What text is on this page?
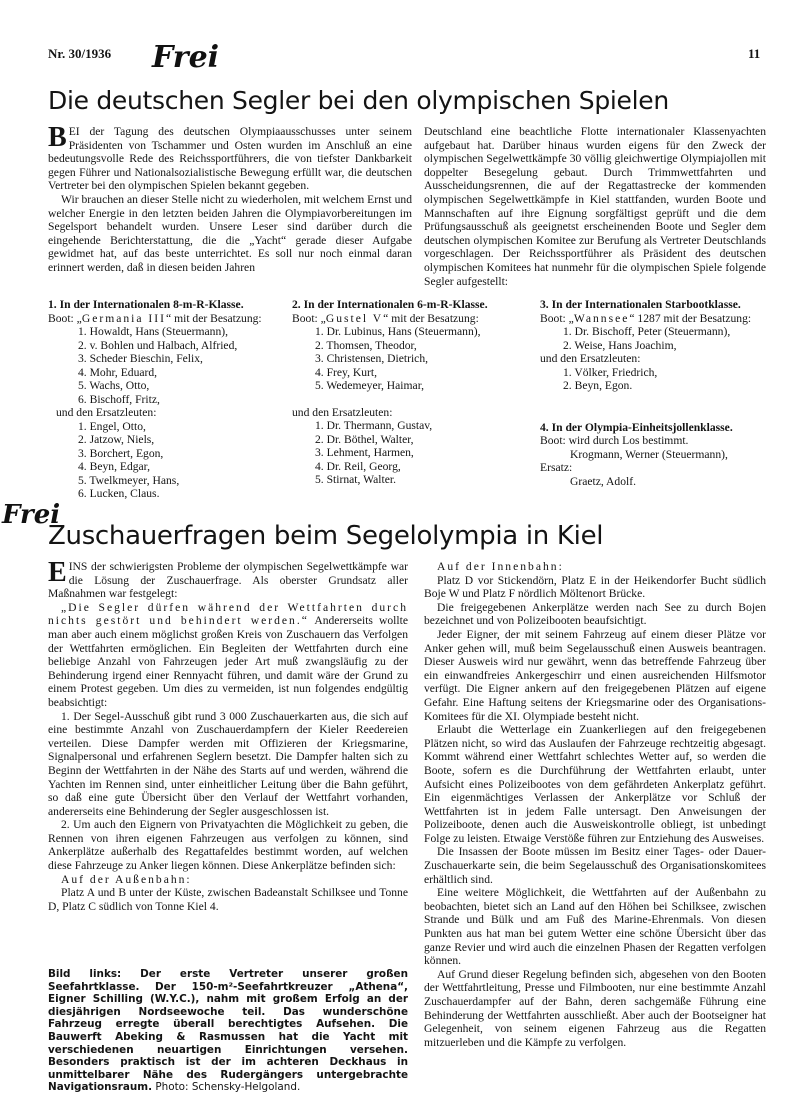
Nr. 30/1936	11
Frei
Frei
Die deutschen Segler bei den olympischen Spielen

BEI der Tagung des deutschen Olympiaausschusses unter seinem Präsidenten von Tschammer und Osten wurden im Anschluß an eine bedeutungsvolle Rede des Reichssportführers, die von tiefster Dankbarkeit gegen Führer und Nationalsozialistische Bewegung erfüllt war, die deutschen Vertreter bei den olympischen Spielen bekannt gegeben.

Wir brauchen an dieser Stelle nicht zu wiederholen, mit welchem Ernst und welcher Energie in den letzten beiden Jahren die Olympiavorbereitungen im Segelsport behandelt wurden. Unsere Leser sind darüber durch die eingehende Berichterstattung, die die „Yacht“ gerade dieser Aufgabe gewidmet hat, auf das beste unterrichtet. Es soll nur noch einmal daran erinnert werden, daß in diesen beiden Jahren

Deutschland eine beachtliche Flotte internationaler Klassenyachten aufgebaut hat. Darüber hinaus wurden eigens für den Zweck der olympischen Segelwettkämpfe 30 völlig gleichwertige Olympiajollen mit doppelter Besegelung gebaut. Durch Trimmwettfahrten und Ausscheidungsrennen, die auf der Regattastrecke der kommenden olympischen Segelwettkämpfe in Kiel stattfanden, wurden Boote und Mannschaften auf ihre Eignung sorgfältigst geprüft und die dem Prüfungsausschuß als geeignetst erscheinenden Boote und Segler dem deutschen olympischen Komitee zur Berufung als Vertreter Deutschlands vorgeschlagen. Der Reichssportführer als Präsident des deutschen olympischen Komitees hat nunmehr für die olympischen Spiele folgende Segler aufgestellt:

1. In der Internationalen 8-m-R-Klasse.
Boot: „Germania III“ mit der Besatzung:
1. Howaldt, Hans (Steuermann),
2. v. Bohlen und Halbach, Alfried,
3. Scheder Bieschin, Felix,
4. Mohr, Eduard,
5. Wachs, Otto,
6. Bischoff, Fritz,
und den Ersatzleuten:
1. Engel, Otto,
2. Jatzow, Niels,
3. Borchert, Egon,
4. Beyn, Edgar,
5. Twelkmeyer, Hans,
6. Lucken, Claus.
2. In der Internationalen 6-m-R-Klasse.
Boot: „Gustel V“ mit der Besatzung:
1. Dr. Lubinus, Hans (Steuermann),
2. Thomsen, Theodor,
3. Christensen, Dietrich,
4. Frey, Kurt,
5. Wedemeyer, Haimar,
und den Ersatzleuten:
1. Dr. Thermann, Gustav,
2. Dr. Böthel, Walter,
3. Lehment, Harmen,
4. Dr. Reil, Georg,
5. Stirnat, Walter.
3. In der Internationalen Starbootklasse.
Boot: „Wannsee“ 1287 mit der Besatzung:
1. Dr. Bischoff, Peter (Steuermann),
2. Weise, Hans Joachim,
und den Ersatzleuten:
1. Völker, Friedrich,
2. Beyn, Egon.
4. In der Olympia-Einheitsjollenklasse.
Boot: wird durch Los bestimmt.
Krogmann, Werner (Steuermann),
Ersatz:
Graetz, Adolf.
Zuschauerfragen beim Segelolympia in Kiel

EINS der schwierigsten Probleme der olympischen Segelwettkämpfe war die Lösung der Zuschauerfrage. Als oberster Grundsatz aller Maßnahmen war festgelegt:

„Die Segler dürfen während der Wettfahrten durch nichts gestört und behindert werden.“ Andererseits wollte man aber auch einem möglichst großen Kreis von Zuschauern das Verfolgen der Wettfahrten ermöglichen. Ein Begleiten der Wettfahrten durch eine beliebige Anzahl von Fahrzeugen jeder Art muß zwangsläufig zu der Behinderung irgend einer Rennyacht führen, und damit wäre der Grund zu einem Protest gegeben. Um dies zu vermeiden, ist nun folgendes endgültig beabsichtigt:

1. Der Segel-Ausschuß gibt rund 3 000 Zuschauerkarten aus, die sich auf eine bestimmte Anzahl von Zuschauerdampfern der Kieler Reedereien verteilen. Diese Dampfer werden mit Offizieren der Kriegsmarine, Signalpersonal und erfahrenen Seglern besetzt. Die Dampfer halten sich zu Beginn der Wettfahrten in der Nähe des Starts auf und werden, während die Yachten im Rennen sind, unter einheitlicher Leitung über die Bahn geführt, so daß eine gute Übersicht über den Verlauf der Wettfahrt vorhanden, andererseits eine Behinderung der Segler ausgeschlossen ist.

2. Um auch den Eignern von Privatyachten die Möglichkeit zu geben, die Rennen von ihren eigenen Fahrzeugen aus verfolgen zu können, sind Ankerplätze außerhalb des Regattafeldes bestimmt worden, auf welchen diese Fahrzeuge zu Anker liegen können. Diese Ankerplätze befinden sich:

Auf der Außenbahn:

Platz A und B unter der Küste, zwischen Badeanstalt Schilksee und Tonne D, Platz C südlich von Tonne Kiel 4.

Bild links: Der erste Vertreter unserer großen Seefahrtklasse. Der 150-m²-Seefahrtkreuzer „Athena“, Eigner Schilling (W.Y.C.), nahm mit großem Erfolg an der diesjährigen Nordseewoche teil. Das wunderschöne Fahrzeug erregte überall berechtigtes Aufsehen. Die Bauwerft Abeking & Rasmussen hat die Yacht mit verschiedenen neuartigen Einrichtungen versehen. Besonders praktisch ist der im achteren Deckhaus in unmittelbarer Nähe des Rudergängers untergebrachte Navigationsraum. Photo: Schensky-Helgoland.

Auf der Innenbahn:

Platz D vor Stickendörn, Platz E in der Heikendorfer Bucht südlich Boje W und Platz F nördlich Möltenort Brücke.

Die freigegebenen Ankerplätze werden nach See zu durch Bojen bezeichnet und von Polizeibooten beaufsichtigt.

Jeder Eigner, der mit seinem Fahrzeug auf einem dieser Plätze vor Anker gehen will, muß beim Segelausschuß einen Ausweis beantragen. Dieser Ausweis wird nur gewährt, wenn das betreffende Fahrzeug über ein einwandfreies Ankergeschirr und einen ausreichenden Hilfsmotor verfügt. Die Eigner ankern auf den freigegebenen Plätzen auf eigene Gefahr. Eine Haftung seitens der Kriegsmarine oder des Organisations-Komitees für die XI. Olympiade besteht nicht.

Erlaubt die Wetterlage ein Zuankerliegen auf den freigegebenen Plätzen nicht, so wird das Auslaufen der Fahrzeuge rechtzeitig abgesagt. Kommt während einer Wettfahrt schlechtes Wetter auf, so werden die Boote, sofern es die Durchführung der Wettfahrten erlaubt, unter Aufsicht eines Polizeibootes von dem gefährdeten Ankerplatz geführt. Ein eigenmächtiges Verlassen der Ankerplätze vor Schluß der Wettfahrten ist in jedem Falle untersagt. Den Anweisungen der Polizeiboote, denen auch die Ausweiskontrolle obliegt, ist unbedingt Folge zu leisten. Etwaige Verstöße führen zur Entziehung des Ausweises.

Die Insassen der Boote müssen im Besitz einer Tages- oder Dauer-Zuschauerkarte sein, die beim Segelausschuß des Organisationskomitees erhältlich sind.

Eine weitere Möglichkeit, die Wettfahrten auf der Außenbahn zu beobachten, bietet sich an Land auf den Höhen bei Schilksee, zwischen Strande und Bülk und am Fuß des Marine-Ehrenmals. Von diesen Punkten aus hat man bei gutem Wetter eine schöne Übersicht über das ganze Revier und wird auch die einzelnen Phasen der Regatten verfolgen können.

Auf Grund dieser Regelung befinden sich, abgesehen von den Booten der Wettfahrtleitung, Presse und Filmbooten, nur eine bestimmte Anzahl Zuschauerdampfer auf der Bahn, deren sachgemäße Führung eine Behinderung der Wettfahrten ausschließt. Aber auch der Bootseigner hat Gelegenheit, von seinem eigenen Fahrzeug aus die Regatten mitzuerleben und die Kämpfe zu verfolgen.
